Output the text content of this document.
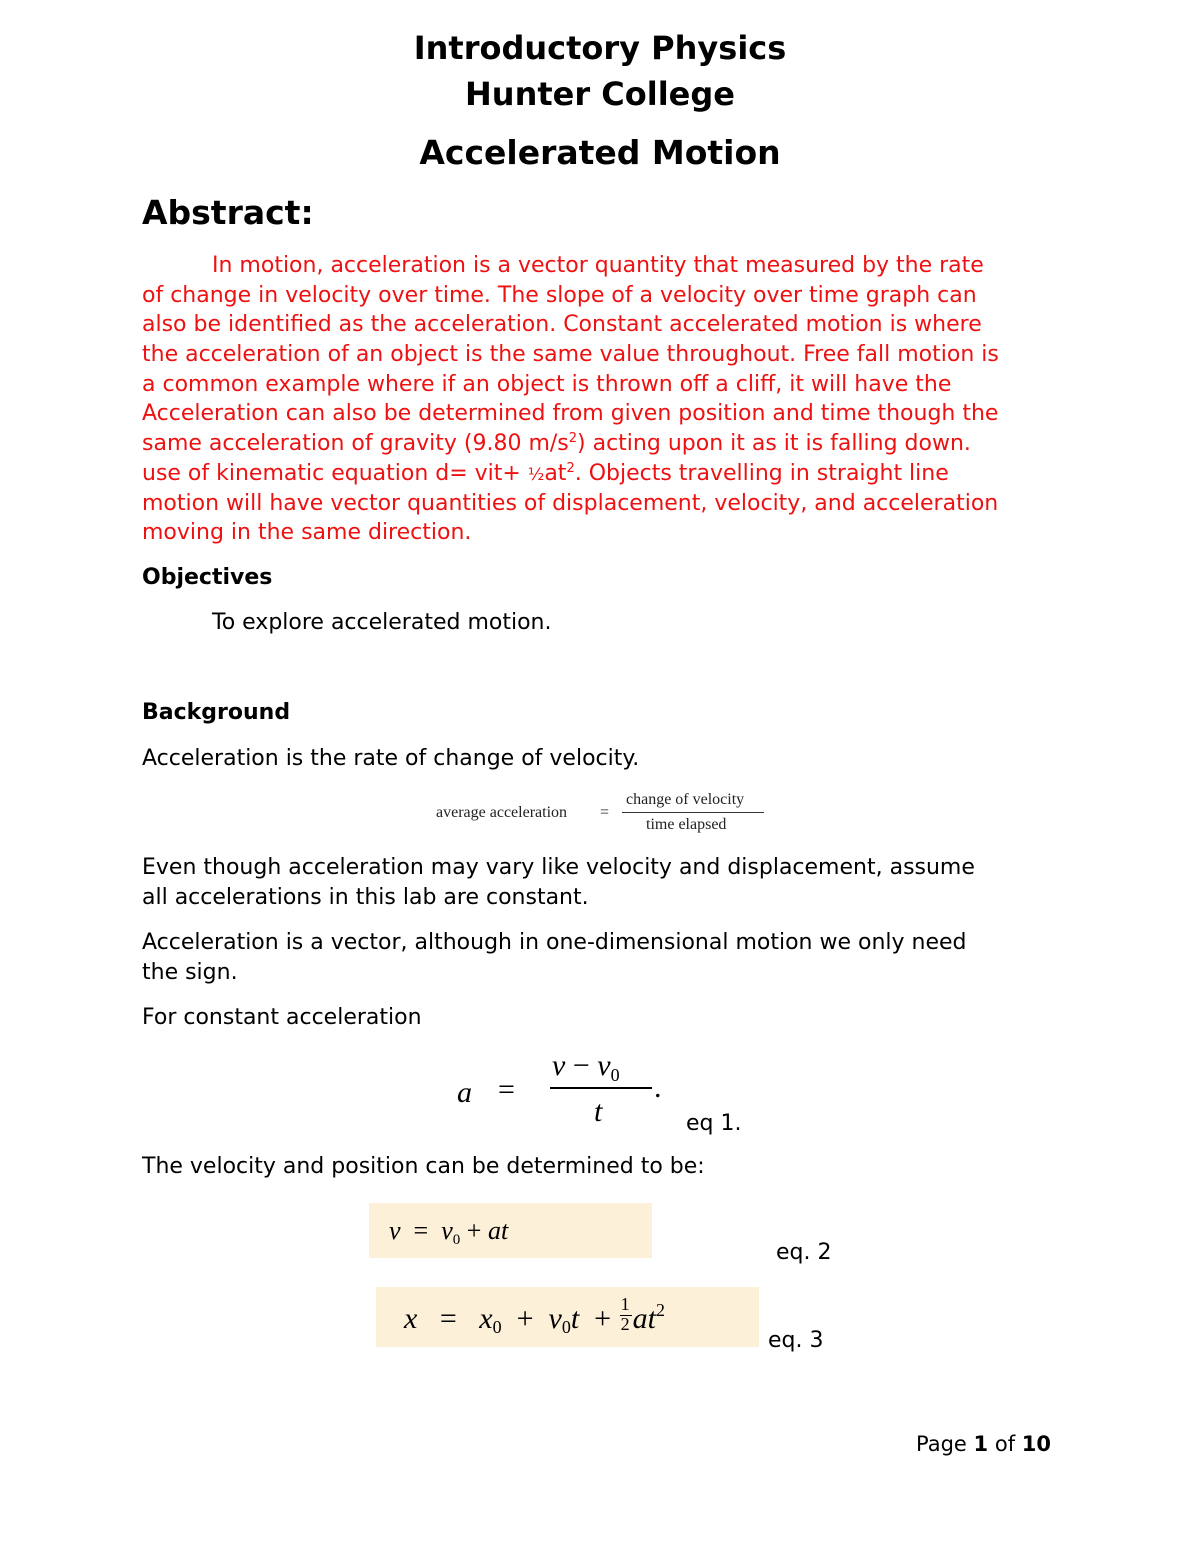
Introductory Physics
Hunter College
Accelerated Motion
Abstract:
In motion, acceleration is a vector quantity that measured by the rate
of change in velocity over time. The slope of a velocity over time graph can
also be identified as the acceleration. Constant accelerated motion is where
the acceleration of an object is the same value throughout. Free fall motion is
a common example where if an object is thrown off a cliff, it will have the
Acceleration can also be determined from given position and time though the
same acceleration of gravity (9.80 $m/s^2$) acting upon it as it is falling down.
use of kinematic equation $d= vit+ \frac{1}{2}at^2$. Objects travelling in straight line
motion will have vector quantities of displacement, velocity, and acceleration
moving in the same direction.
Objectives
To explore accelerated motion.
Background
Acceleration is the rate of change of velocity.
average acceleration =
change of velocity
time elapsed
Even though acceleration may vary like velocity and displacement, assume
all accelerations in this lab are constant.
Acceleration is a vector, although in one-dimensional motion we only need
the sign.
For constant acceleration
a =
$v - v_0$ .
t	eq 1.
The velocity and position can be determined to be:
v = v0 + at
eq. 2
$x = x0 + v0t + \frac{1}{2} at^2$
eq. 3
Page 1 of 10
